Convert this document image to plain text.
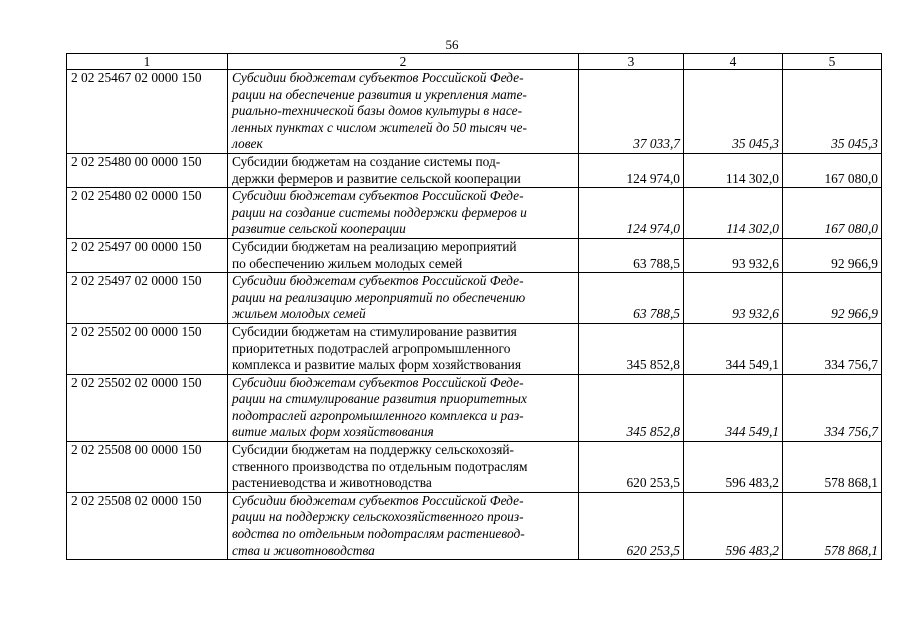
56
1	2	3	4	5
2 02 25467 02 0000 150	Субсидии бюджетам субъектов Российской Феде-
рации на обеспечение развития и укрепления мате-
риально-технической базы домов культуры в насе-
ленных пунктах с числом жителей до 50 тысяч че-
ловек	37 033,7	35 045,3	35 045,3
2 02 25480 00 0000 150	Субсидии бюджетам на создание системы под-
держки фермеров и развитие сельской кооперации	124 974,0	114 302,0	167 080,0
2 02 25480 02 0000 150	Субсидии бюджетам субъектов Российской Феде-
рации на создание системы поддержки фермеров и
развитие сельской кооперации	124 974,0	114 302,0	167 080,0
2 02 25497 00 0000 150	Субсидии бюджетам на реализацию мероприятий
по обеспечению жильем молодых семей	63 788,5	93 932,6	92 966,9
2 02 25497 02 0000 150	Субсидии бюджетам субъектов Российской Феде-
рации на реализацию мероприятий по обеспечению
жильем молодых семей	63 788,5	93 932,6	92 966,9
2 02 25502 00 0000 150	Субсидии бюджетам на стимулирование развития
приоритетных подотраслей агропромышленного
комплекса и развитие малых форм хозяйствования	345 852,8	344 549,1	334 756,7
2 02 25502 02 0000 150	Субсидии бюджетам субъектов Российской Феде-
рации на стимулирование развития приоритетных
подотраслей агропромышленного комплекса и раз-
витие малых форм хозяйствования	345 852,8	344 549,1	334 756,7
2 02 25508 00 0000 150	Субсидии бюджетам на поддержку сельскохозяй-
ственного производства по отдельным подотраслям
растениеводства и животноводства	620 253,5	596 483,2	578 868,1
2 02 25508 02 0000 150	Субсидии бюджетам субъектов Российской Феде-
рации на поддержку сельскохозяйственного произ-
водства по отдельным подотраслям растениевод-
ства и животноводства	620 253,5	596 483,2	578 868,1
